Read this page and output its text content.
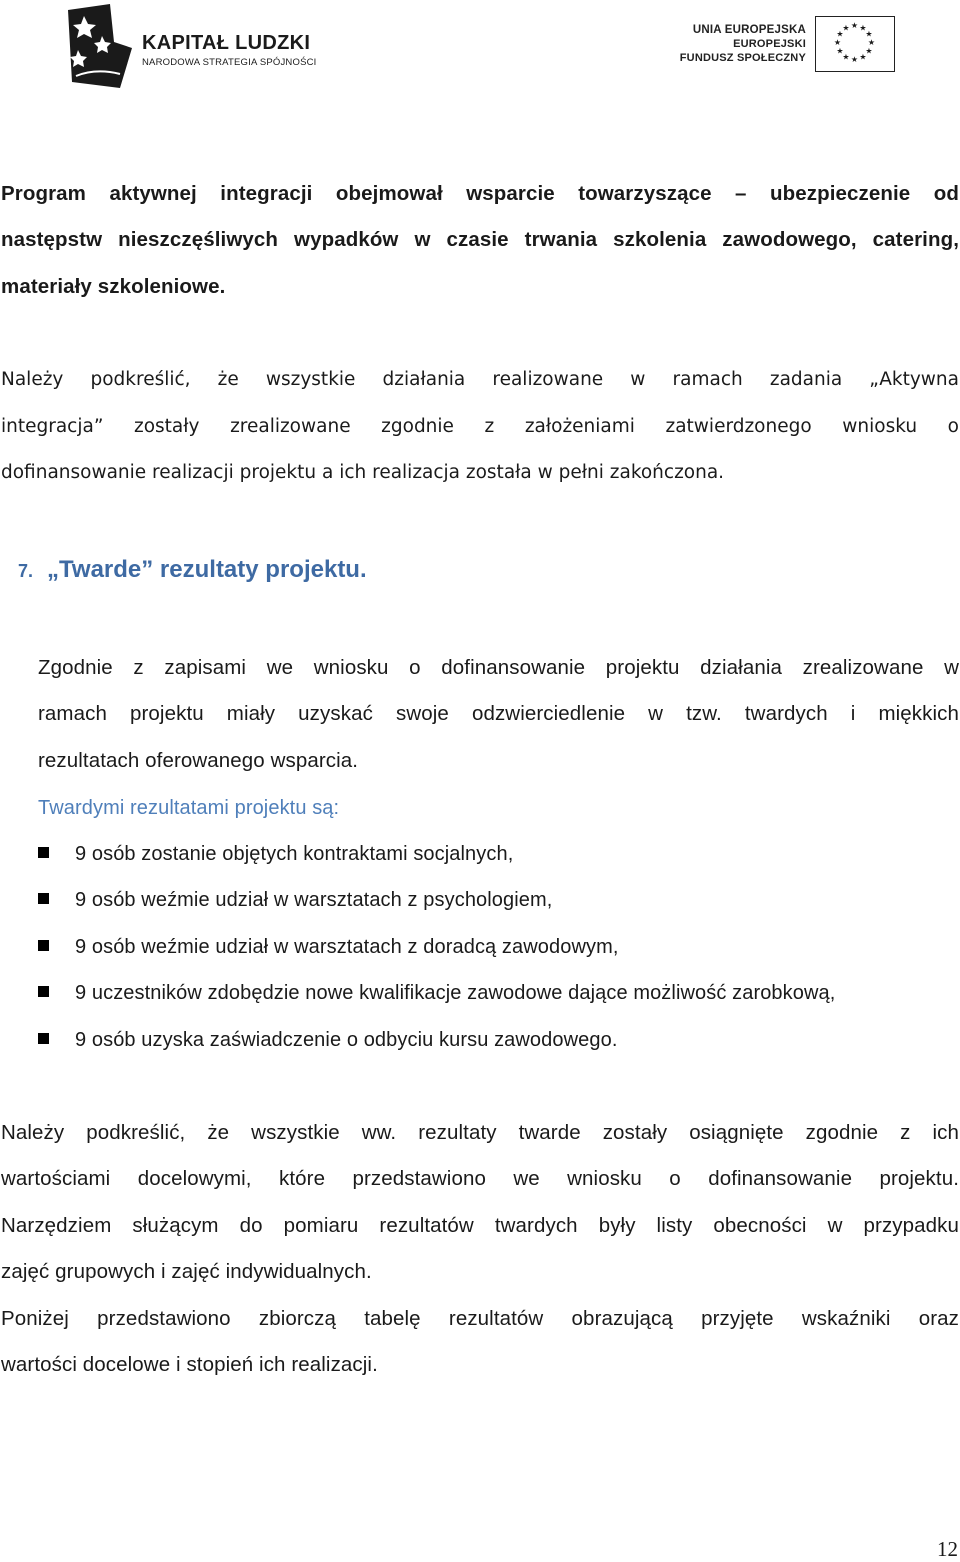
KAPITAŁ LUDZKI
NARODOWA STRATEGIA SPÓJNOŚCI
UNIA EUROPEJSKA
EUROPEJSKI
FUNDUSZ SPOŁECZNY
★ ★
★
★
★
★
★
★
★
★
★
★
Program aktywnej integracji obejmował wsparcie towarzyszące – ubezpieczenie od
następstw nieszczęśliwych wypadków w czasie trwania szkolenia zawodowego, catering,
materiały szkoleniowe.
Należy podkreślić, że wszystkie działania realizowane w ramach zadania „Aktywna
integracja” zostały zrealizowane zgodnie z założeniami zatwierdzonego wniosku o
dofinansowanie realizacji projektu a ich realizacja została w pełni zakończona.
7. „Twarde” rezultaty projektu.
Zgodnie z zapisami we wniosku o dofinansowanie projektu działania zrealizowane w
ramach projektu miały uzyskać swoje odzwierciedlenie w tzw. twardych i miękkich
rezultatach oferowanego wsparcia.
Twardymi rezultatami projektu są:
9 osób zostanie objętych kontraktami socjalnych,
9 osób weźmie udział w warsztatach z psychologiem,
9 osób weźmie udział w warsztatach z doradcą zawodowym,
9 uczestników zdobędzie nowe kwalifikacje zawodowe dające możliwość zarobkową,
9 osób uzyska zaświadczenie o odbyciu kursu zawodowego.
Należy podkreślić, że wszystkie ww. rezultaty twarde zostały osiągnięte zgodnie z ich
wartościami docelowymi, które przedstawiono we wniosku o dofinansowanie projektu.
Narzędziem służącym do pomiaru rezultatów twardych były listy obecności w przypadku
zajęć grupowych i zajęć indywidualnych.
Poniżej przedstawiono zbiorczą tabelę rezultatów obrazującą przyjęte wskaźniki oraz
wartości docelowe i stopień ich realizacji.
12
